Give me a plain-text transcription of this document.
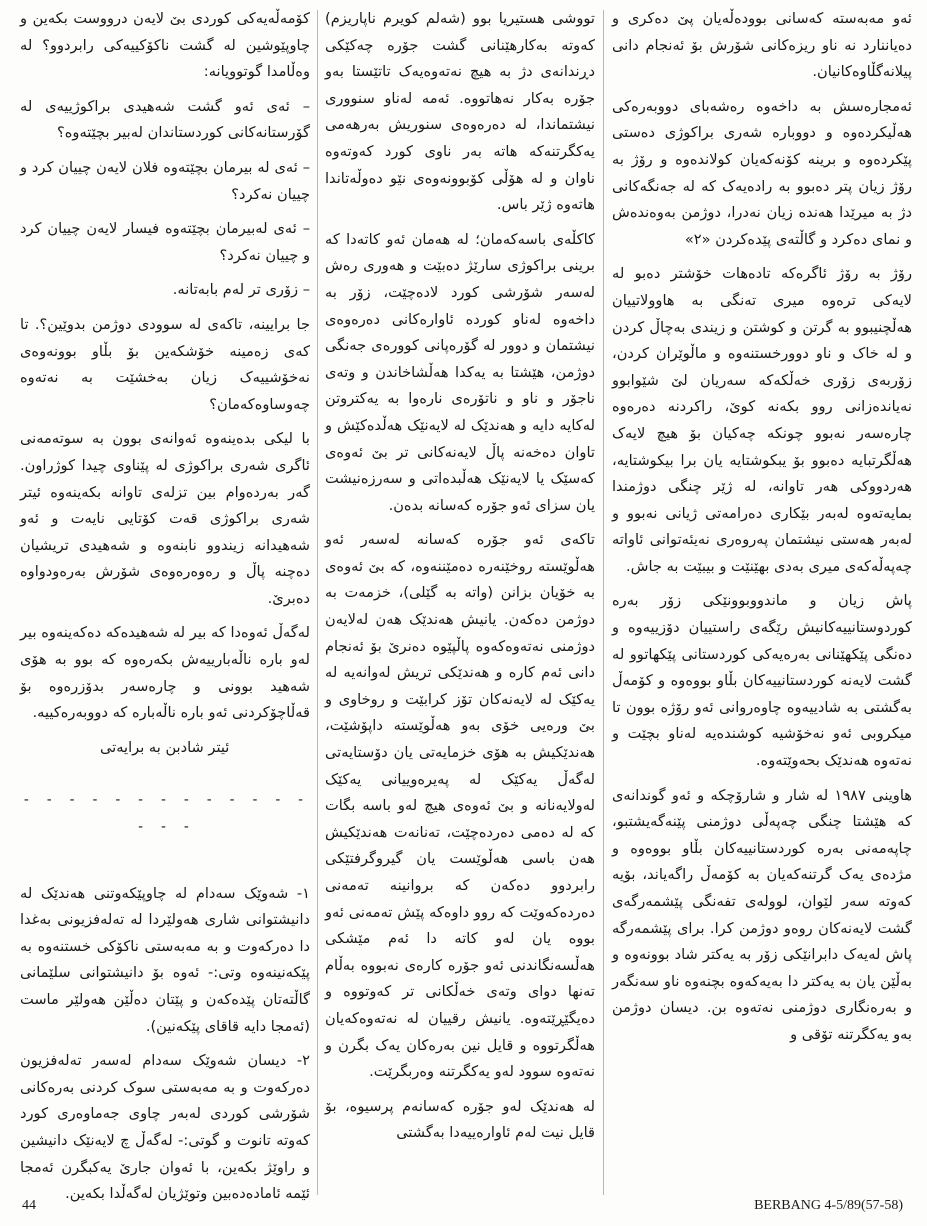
ئەو مەبەستە کەسانی بوودەڵەیان پێ دەکری و دەیاننارد نە ناو ریزەکانی شۆرش بۆ ئەنجام دانی پیلانەگڵاوەکانیان.

ئەمجارەسش بە داخەوە رەشەبای دووبەرەکی هەڵیکردەوە و دووبارە شەری براکوژی دەستی پێکردەوە و برینە کۆنەکەیان کولاندەوە و رۆژ بە رۆژ زیان پتر دەبوو بە رادەیەک کە لە جەنگەکانی دژ بە میرێدا هەندە زیان نەدرا، دوژمن بەوەندەش و نمای دەکرد و گاڵتەی پێدەکردن «٢»

رۆژ بە رۆژ ئاگرەکە تادەهات خۆشتر دەبو لە لایەکی ترەوە میری تەنگی بە هاوولاتییان هەڵچنیبوو بە گرتن و کوشتن و زیندی بەچاڵ کردن و لە خاک و ناو دوورخستنەوە و ماڵوێران کردن، زۆربەی زۆری خەڵکەکە سەریان لێ شێوابوو نەیاندەزانی روو بکەنە کوێ، راکردنە دەرەوە چارەسەر نەبوو چونکە چەکیان بۆ هیچ لایەک هەڵگرتبایە دەبوو بۆ یبکوشتایە یان برا بیکوشتایە، هەردووکی هەر تاوانە، لە ژێر چنگی دوژمندا بمایەتەوە لەبەر بێکاری دەرامەتی ژیانی نەبوو و لەبەر هەستی نیشتمان پەروەری نەیئەتوانی ئاواتە چەپەڵەکەی میری بەدی بهێنێت و بیبێت بە جاش.

پاش زیان و ماندووبوونێکی زۆر بەرە کوردوستانییەکانیش رێگەی راستییان دۆزییەوە و دەنگی پێکهێنانی بەرەیەکی کوردستانی پێکهاتوو لە گشت لایەنە کوردستانییەکان بڵاو بووەوە و کۆمەڵ بەگشتی بە شادییەوە چاوەروانی ئەو رۆژە بوون تا میکروبی ئەو نەخۆشیە کوشندەیە لەناو بچێت و نەتەوە هەندێک بحەوێتەوە.

هاوینی ١٩٨٧ لە شار و شارۆچکە و ئەو گوندانەی کە هێشتا چنگی چەپەڵی دوژمنی پێنەگەیشتبو، چاپەمەنی بەرە کوردستانییەکان بڵاو بووەوە و مژدەی یەک گرتنەکەیان بە کۆمەڵ راگەیاند، بۆیە کەوتە سەر لێوان، لوولەی تفەنگی پێشمەرگەی گشت لایەنەکان روەو دوژمن کرا. برای پێشمەرگە پاش لەیەک دابرانێکی زۆر بە یەکتر شاد بوونەوە و بەڵێن یان بە یەکتر دا بەیەکەوە بچنەوە ناو سەنگەر و بەرەنگاری دوژمنی نەتەوە بن. دیسان دوژمن بەو یەکگرتنە تۆقی و

تووشی هستیریا بوو (شەلم کویرم ناپاریزم) کەوتە بەکارهێنانی گشت جۆرە چەکێکی دڕندانەی دژ بە هیچ نەتەوەیەک تاتێستا بەو جۆرە بەکار نەهاتووە. ئەمە لەناو سنووری نیشتماندا، لە دەرەوەی سنوریش بەرهەمی یەکگرتنەکە هاتە بەر ناوی کورد کەوتەوە ناوان و لە هۆڵی کۆبوونەوەی نێو دەوڵەتاندا هاتەوە ژێر باس.

کاکڵەی باسەکەمان؛ لە هەمان ئەو کاتەدا کە برینی براکوژی سارێژ دەبێت و هەوری رەش لەسەر شۆرشی کورد لادەچێت، زۆر بە داخەوە لەناو کوردە ئاوارەکانی دەرەوەی نیشتمان و دوور لە گۆرەپانی کوورەی جەنگی دوژمن، هێشتا بە یەکدا هەڵشاخاندن و وتەی ناجۆر و ناو و ناتۆرەی نارەوا بە یەکتروتن لەکایە دایە و هەندێک لە لایەنێک هەڵدەکێش و تاوان دەخەنە پاڵ لایەنەکانی تر بێ ئەوەی کەسێک یا لایەنێک هەڵبدەاتی و سەرزەنیشت یان سزای ئەو جۆرە کەسانە بدەن.

تاکەی ئەو جۆرە کەسانە لەسەر ئەو هەڵوێستە روخێنەرە دەمێننەوە، کە بێ ئەوەی بە خۆیان بزانن (واتە بە گێلی)، خزمەت بە دوژمن دەکەن. یانیش هەندێک هەن لەلایەن دوژمنی نەتەوەکەوە پاڵپێوە دەنرێ بۆ ئەنجام دانی ئەم کارە و هەندێکی تریش لەوانەیە لە یەکێک لە لایەنەکان تۆز کرابێت و روخاوی و بێ ورەیی خۆی بەو هەڵوێستە داپۆشێت، هەندێکیش بە هۆی خزمایەتی یان دۆستایەتی لەگەڵ یەکێک لە پەیرەوییانی یەکێک لەولایەنانە و بێ ئەوەی هیچ لەو باسە بگات کە لە دەمی دەردەچێت، تەنانەت هەندێکیش هەن باسی هەڵوێست یان گیروگرفتێکی رابردوو دەکەن کە بروانینە تەمەنی دەردەکەوێت کە روو داوەکە پێش تەمەنی ئەو بووە یان لەو کاتە دا ئەم مێشکی هەڵسەنگاندنی ئەو جۆرە کارەی نەبووە بەڵام تەنها دوای وتەی خەڵکانی تر کەوتووە و دەیگێڕێتەوە. یانیش رقییان لە نەتەوەکەیان هەڵگرتووە و قایل نین بەرەکان یەک بگرن و نەتەوە سوود لەو یەکگرتنە وەربگرێت.

لە هەندێک لەو جۆرە کەسانەم پرسیوە، بۆ قایل نیت لەم ئاوارەییەدا بەگشتی

کۆمەڵەیەکی کوردی بێ لایەن درووست بکەین و چاوپێوشین لە گشت ناکۆکییەکی رابردوو؟ لە وەڵامدا گوتوویانە:

– ئەی ئەو گشت شەهیدی براکوژییەی لە گۆرستانەکانی کوردستاندان لەبیر بچێتەوە؟

– ئەی لە بیرمان بچێتەوە فلان لایەن چییان کرد و چییان نەکرد؟

– ئەی لەبیرمان بچێتەوە فیسار لایەن چییان کرد و چییان نەکرد؟

– زۆری تر لەم بابەتانە.

جا برایینە، تاکەی لە سوودی دوژمن بدوێین؟. تا کەی زەمینە خۆشکەین بۆ بڵاو بوونەوەی نەخۆشییەک زیان بەخشێت بە نەتەوە چەوساوەکەمان؟

با لیکی بدەینەوە ئەوانەی بوون بە سوتەمەنی ئاگری شەری براکوژی لە پێناوی چیدا کوژراون. گەر بەردەوام بین تزلەی تاوانە بکەینەوە ئیتر شەری براکوژی قەت کۆتایی نایەت و ئەو شەهیدانە زیندوو نابنەوە و شەهیدی تریشیان دەچنە پاڵ و رەوەرەوەی شۆرش بەرەودواوە دەبرێ.

لەگەڵ ئەوەدا کە بیر لە شەهیدەکە دەکەینەوە بیر لەو بارە ناڵەبارییەش بکەرەوە کە بوو بە هۆی شەهید بوونی و چارەسەر بدۆزرەوە بۆ قەڵاچۆکردنی ئەو بارە ناڵەبارە کە دووبەرەکییە.

ئیتر شادبن بە برایەتی

- - - - - - - - - - - - - - - -

١- شەوێک سەدام لە چاوپێکەوتنی هەندێک لە دانیشتوانی شاری هەولێردا لە تەلەفزیونی بەغدا دا دەرکەوت و بە مەبەستی ناکۆکی خستنەوە بە پێکەنینەوە وتی:- ئەوە بۆ دانیشتوانی سلێمانی گاڵتەتان پێدەکەن و پێتان دەڵێن هەولێر ماست (ئەمجا دایە قاقای پێکەنین).

٢- دیسان شەوێک سەدام لەسەر تەلەفزیون دەرکەوت و بە مەبەستی سوک کردنی بەرەکانی شۆرشی کوردی لەبەر چاوی جەماوەری کورد کەوتە تانوت و گوتی:- لەگەڵ چ لایەنێک دانیشین و راوێژ بکەین، با ئەوان جارێ یەکبگرن ئەمجا ئێمە ئامادەدەبین وتوێژیان لەگەڵدا بکەین.

44	BERBANG 4-5/89(57-58)
